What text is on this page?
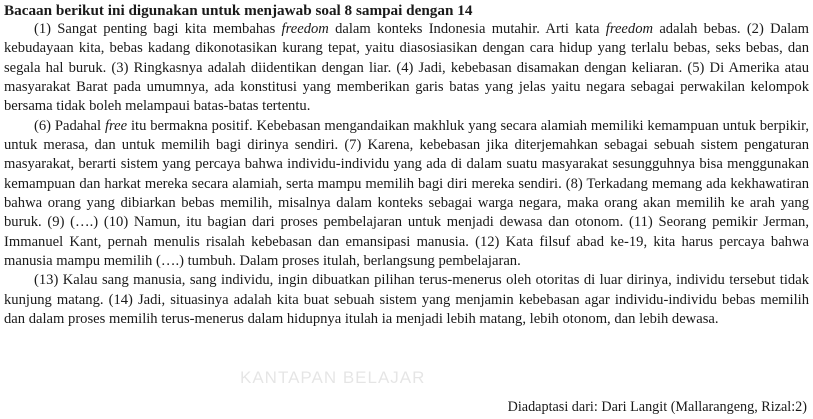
Bacaan berikut ini digunakan untuk menjawab soal 8 sampai dengan 14

(1) Sangat penting bagi kita membahas freedom dalam konteks Indonesia mutahir. Arti kata freedom adalah bebas. (2) Dalam kebudayaan kita, bebas kadang dikonotasikan kurang tepat, yaitu diasosiasikan dengan cara hidup yang terlalu bebas, seks bebas, dan segala hal buruk. (3) Ringkasnya adalah diidentikan dengan liar. (4) Jadi, kebebasan disamakan dengan keliaran. (5) Di Amerika atau masyarakat Barat pada umumnya, ada konstitusi yang memberikan garis batas yang jelas yaitu negara sebagai perwakilan kelompok bersama tidak boleh melampaui batas-batas tertentu.

(6) Padahal free itu bermakna positif. Kebebasan mengandaikan makhluk yang secara alamiah memiliki kemampuan untuk berpikir, untuk merasa, dan untuk memilih bagi dirinya sendiri. (7) Karena, kebebasan jika diterjemahkan sebagai sebuah sistem pengaturan masyarakat, berarti sistem yang percaya bahwa individu-individu yang ada di dalam suatu masyarakat sesungguhnya bisa menggunakan kemampuan dan harkat mereka secara alamiah, serta mampu memilih bagi diri mereka sendiri. (8) Terkadang memang ada kekhawatiran bahwa orang yang dibiarkan bebas memilih, misalnya dalam konteks sebagai warga negara, maka orang akan memilih ke arah yang buruk. (9) (….) (10) Namun, itu bagian dari proses pembelajaran untuk menjadi dewasa dan otonom. (11) Seorang pemikir Jerman, Immanuel Kant, pernah menulis risalah kebebasan dan emansipasi manusia. (12) Kata filsuf abad ke-19, kita harus percaya bahwa manusia mampu memilih (….) tumbuh. Dalam proses itulah, berlangsung pembelajaran.

(13) Kalau sang manusia, sang individu, ingin dibuatkan pilihan terus-menerus oleh otoritas di luar dirinya, individu tersebut tidak kunjung matang. (14) Jadi, situasinya adalah kita buat sebuah sistem yang menjamin kebebasan agar individu-individu bebas memilih dan dalam proses memilih terus-menerus dalam hidupnya itulah ia menjadi lebih matang, lebih otonom, dan lebih dewasa.

KANTAPAN BELAJAR
Diadaptasi dari: Dari Langit (Mallarangeng, Rizal:2)
